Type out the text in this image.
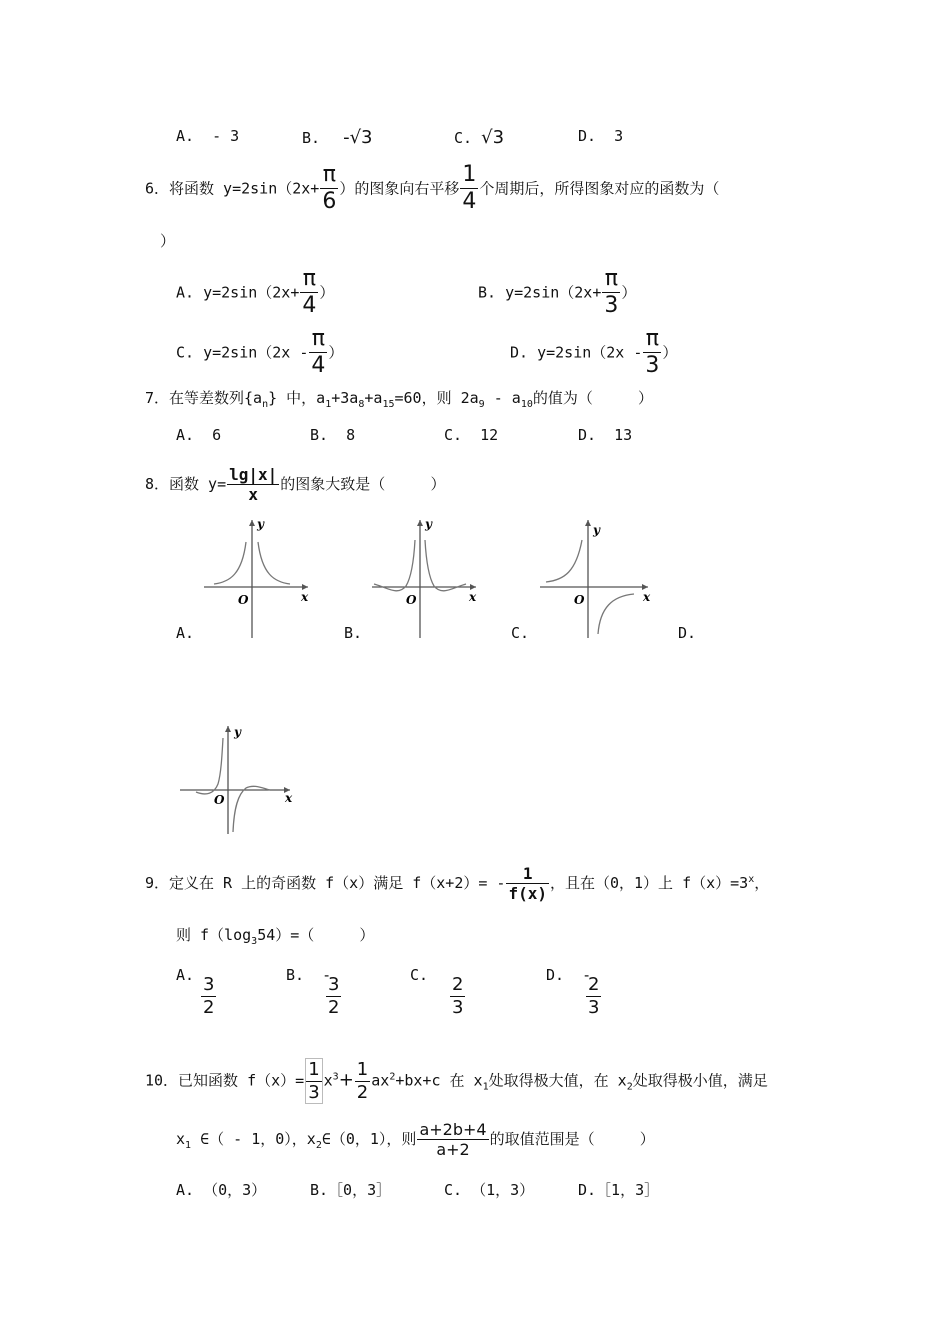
A.  - 3	B. -√3	C. √3	D.  3
6．将函数 $y=2\sin(2x+ \frac{\pi}{6}$ ）的图象向右平移 $\frac{1}{4}$ 个周期后，所得图象对应的函数为（
）
A. $y=2\sin(2x+ \frac{\pi}{4}$ ）	B. $y=2\sin(2x+ \frac{\pi}{3}$ ）
C. $y=2\sin(2x - \frac{\pi}{4}$ ）	D. $y=2\sin(2x - \frac{\pi}{3}$ ）
7．在等差数列$\{a_n\}$ 中，$a_1+3a_8+a_{15}=60$，则 $2a_9 - a_{10}$的值为（     ）
A.  6	B.  8	C.  12	D.  13
8．函数 $y= \frac{\lg|x|}{x}$ 的图象大致是（     ）
A.	B.	C.	D.
y
x
O
y
x
O
y
x
O
y
x
O
9．定义在 R 上的奇函数 f（x）满足 $f(x+2)= - \frac{1}{f(x)}$ ，且在（0，1）上 $f(x)=3^x$，
则 $f(\log_354)=$（     ）
A. $\frac{3}{2}$	B.  -
$\frac{3}{2}$	C. $\frac{2}{3}$	D.  -
$\frac{2}{3}$
10．已知函数 $f(x)= \frac{1}{3} x^3+ \frac{1}{2} ax^2+bx+c$ 在 $x_1$处取得极大值，在 $x_2$处取得极小值，满足
$x_1$ ∈（ - 1，0），$x_2\in(0$，1），则 $\frac{a+2b+4}{a+2}$ 的取值范围是（     ）
A. （0，3）	B.［0，3］	C. （1，3）	D.［1，3］
